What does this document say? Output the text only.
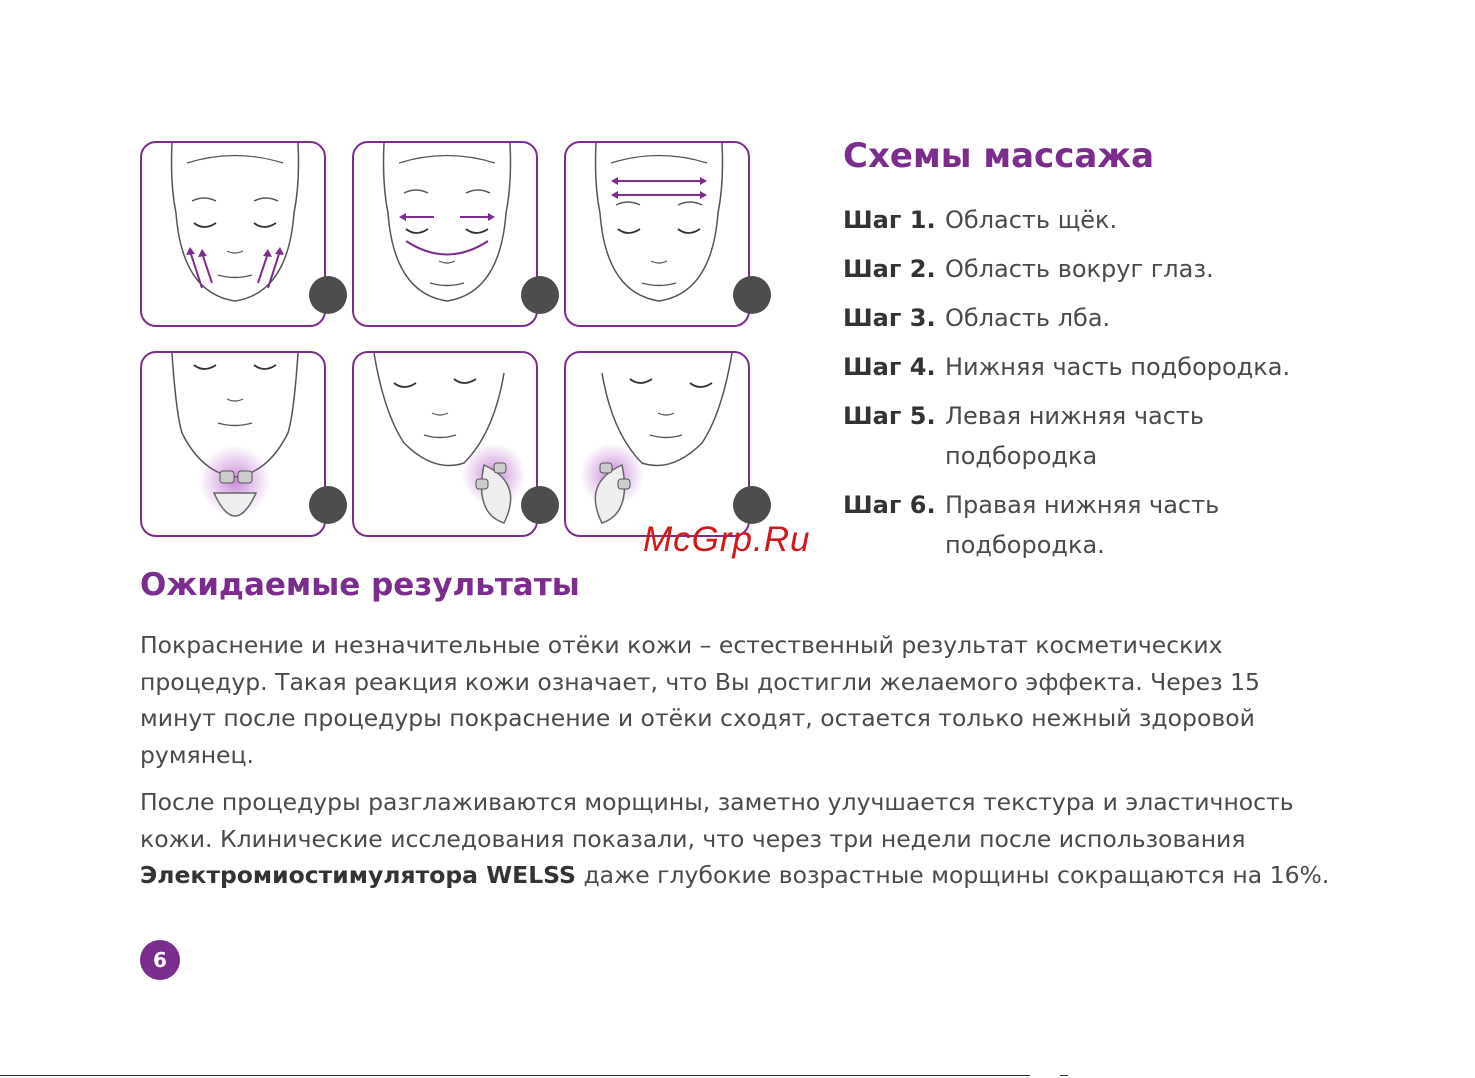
Схемы массажа
Шаг 1. Область щёк.
Шаг 2. Область вокруг глаз.
Шаг 3. Область лба.
Шаг 4. Нижняя часть подбородка.
Шаг 5. Левая нижняя часть подбородка
Шаг 6. Правая нижняя часть подбородка.
McGrp.Ru
Ожидаемые результаты

Покраснение и незначительные отёки кожи – естественный результат косметических процедур. Такая реакция кожи означает, что Вы достигли желаемого эффекта. Через 15 минут после процедуры покраснение и отёки сходят, остается только нежный здоровой румянец.

После процедуры разглаживаются морщины, заметно улучшается текстура и эластичность кожи. Клинические исследования показали, что через три недели после использования Электромиостимулятора WELSS даже глубокие возрастные морщины сокращаются на 16%.

6
